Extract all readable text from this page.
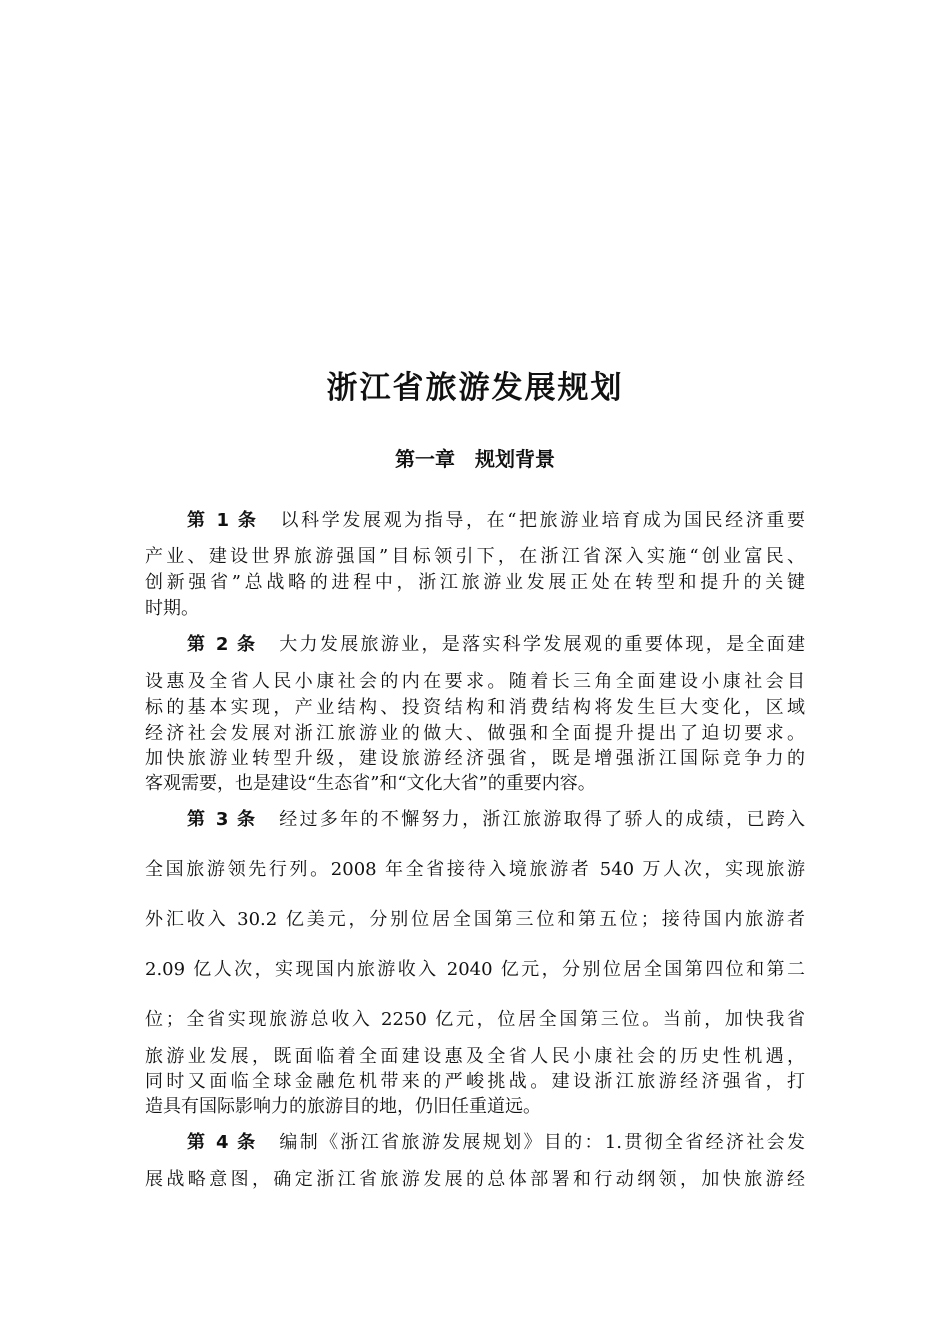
浙江省旅游发展规划
第一章　规划背景
第 1 条 以科学发展观为指导，在“把旅游业培育成为国民经济重要
产业、建设世界旅游强国”目标领引下，在浙江省深入实施“创业富民、
创新强省”总战略的进程中，浙江旅游业发展正处在转型和提升的关键
时期。
第 2 条 大力发展旅游业，是落实科学发展观的重要体现，是全面建
设惠及全省人民小康社会的内在要求。随着长三角全面建设小康社会目
标的基本实现，产业结构、投资结构和消费结构将发生巨大变化，区域
经济社会发展对浙江旅游业的做大、做强和全面提升提出了迫切要求。
加快旅游业转型升级，建设旅游经济强省，既是增强浙江国际竞争力的
客观需要，也是建设“生态省”和“文化大省”的重要内容。
第 3 条 经过多年的不懈努力，浙江旅游取得了骄人的成绩，已跨入
全国旅游领先行列。2008 年全省接待入境旅游者 540 万人次，实现旅游
外汇收入 30.2 亿美元，分别位居全国第三位和第五位；接待国内旅游者
2.09 亿人次，实现国内旅游收入 2040 亿元，分别位居全国第四位和第二
位；全省实现旅游总收入 2250 亿元，位居全国第三位。当前，加快我省
旅游业发展，既面临着全面建设惠及全省人民小康社会的历史性机遇，
同时又面临全球金融危机带来的严峻挑战。建设浙江旅游经济强省，打
造具有国际影响力的旅游目的地，仍旧任重道远。
第 4 条 编制《浙江省旅游发展规划》目的：1.贯彻全省经济社会发
展战略意图，确定浙江省旅游发展的总体部署和行动纲领，加快旅游经
